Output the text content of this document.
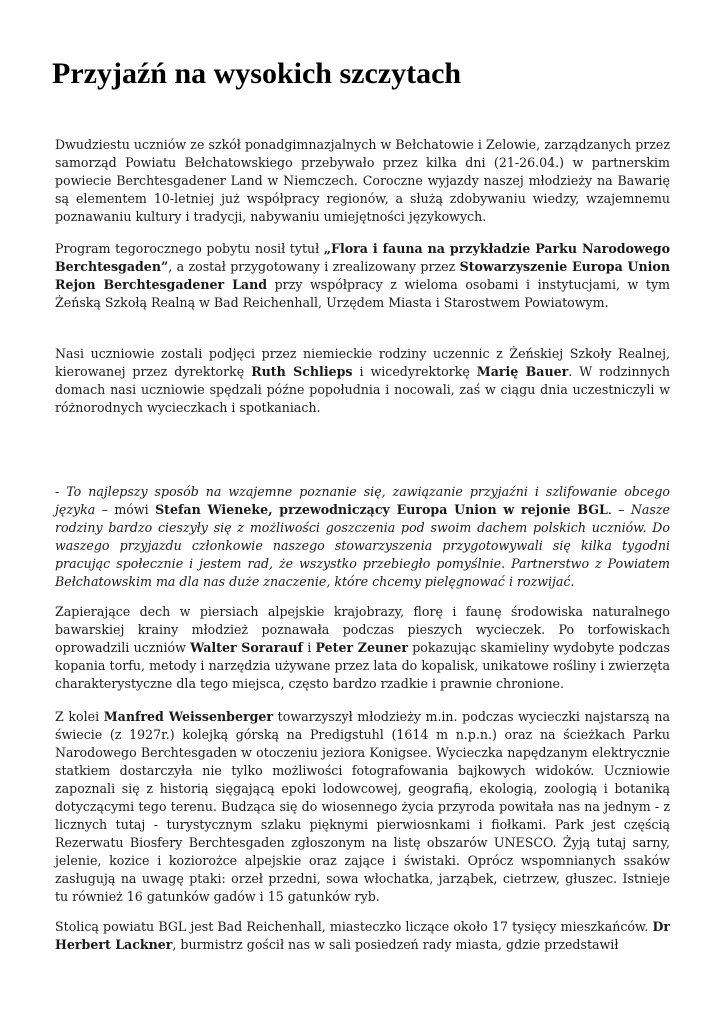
Przyjaźń na wysokich szczytach

Dwudziestu uczniów ze szkół ponadgimnazjalnych w Bełchatowie i Zelowie, zarządzanych przez samorząd Powiatu Bełchatowskiego przebywało przez kilka dni (21-26.04.) w partnerskim powiecie Berchtesgadener Land w Niemczech. Coroczne wyjazdy naszej młodzieży na Bawarię są elementem 10-letniej już współpracy regionów, a służą zdobywaniu wiedzy, wzajemnemu poznawaniu kultury i tradycji, nabywaniu umiejętności językowych.

Program tegorocznego pobytu nosił tytuł „Flora i fauna na przykładzie Parku Narodowego Berchtesgaden”, a został przygotowany i zrealizowany przez Stowarzyszenie Europa Union Rejon Berchtesgadener Land przy współpracy z wieloma osobami i instytucjami, w tym Żeńską Szkołą Realną w Bad Reichenhall, Urzędem Miasta i Starostwem Powiatowym.

Nasi uczniowie zostali podjęci przez niemieckie rodziny uczennic z Żeńskiej Szkoły Realnej, kierowanej przez dyrektorkę Ruth Schlieps i wicedyrektorkę Marię Bauer. W rodzinnych domach nasi uczniowie spędzali późne popołudnia i nocowali, zaś w ciągu dnia uczestniczyli w różnorodnych wycieczkach i spotkaniach.

- To najlepszy sposób na wzajemne poznanie się, zawiązanie przyjaźni i szlifowanie obcego języka – mówi Stefan Wieneke, przewodniczący Europa Union w rejonie BGL. – Nasze rodziny bardzo cieszyły się z możliwości goszczenia pod swoim dachem polskich uczniów. Do waszego przyjazdu członkowie naszego stowarzyszenia przygotowywali się kilka tygodni pracując społecznie i jestem rad, że wszystko przebiegło pomyślnie. Partnerstwo z Powiatem Bełchatowskim ma dla nas duże znaczenie, które chcemy pielęgnować i rozwijać.

Zapierające dech w piersiach alpejskie krajobrazy, florę i faunę środowiska naturalnego bawarskiej krainy młodzież poznawała podczas pieszych wycieczek. Po torfowiskach oprowadzili uczniów Walter Sorarauf i Peter Zeuner pokazując skamieliny wydobyte podczas kopania torfu, metody i narzędzia używane przez lata do kopalisk, unikatowe rośliny i zwierzęta charakterystyczne dla tego miejsca, często bardzo rzadkie i prawnie chronione.

Z kolei Manfred Weissenberger towarzyszył młodzieży m.in. podczas wycieczki najstarszą na świecie (z 1927r.) kolejką górską na Predigstuhl (1614 m n.p.n.) oraz na ścieżkach Parku Narodowego Berchtesgaden w otoczeniu jeziora Konigsee. Wycieczka napędzanym elektrycznie statkiem dostarczyła nie tylko możliwości fotografowania bajkowych widoków. Uczniowie zapoznali się z historią sięgającą epoki lodowcowej, geografią, ekologią, zoologią i botaniką dotyczącymi tego terenu. Budząca się do wiosennego życia przyroda powitała nas na jednym - z licznych tutaj - turystycznym szlaku pięknymi pierwiosnkami i fiołkami. Park jest częścią Rezerwatu Biosfery Berchtesgaden zgłoszonym na listę obszarów UNESCO. Żyją tutaj sarny, jelenie, kozice i koziorożce alpejskie oraz zające i świstaki. Oprócz wspomnianych ssaków zasługują na uwagę ptaki: orzeł przedni, sowa włochatka, jarząbek, cietrzew, głuszec. Istnieje tu również 16 gatunków gadów i 15 gatunków ryb.

Stolicą powiatu BGL jest Bad Reichenhall, miasteczko liczące około 17 tysięcy mieszkańców. Dr Herbert Lackner, burmistrz gościł nas w sali posiedzeń rady miasta, gdzie przedstawił
